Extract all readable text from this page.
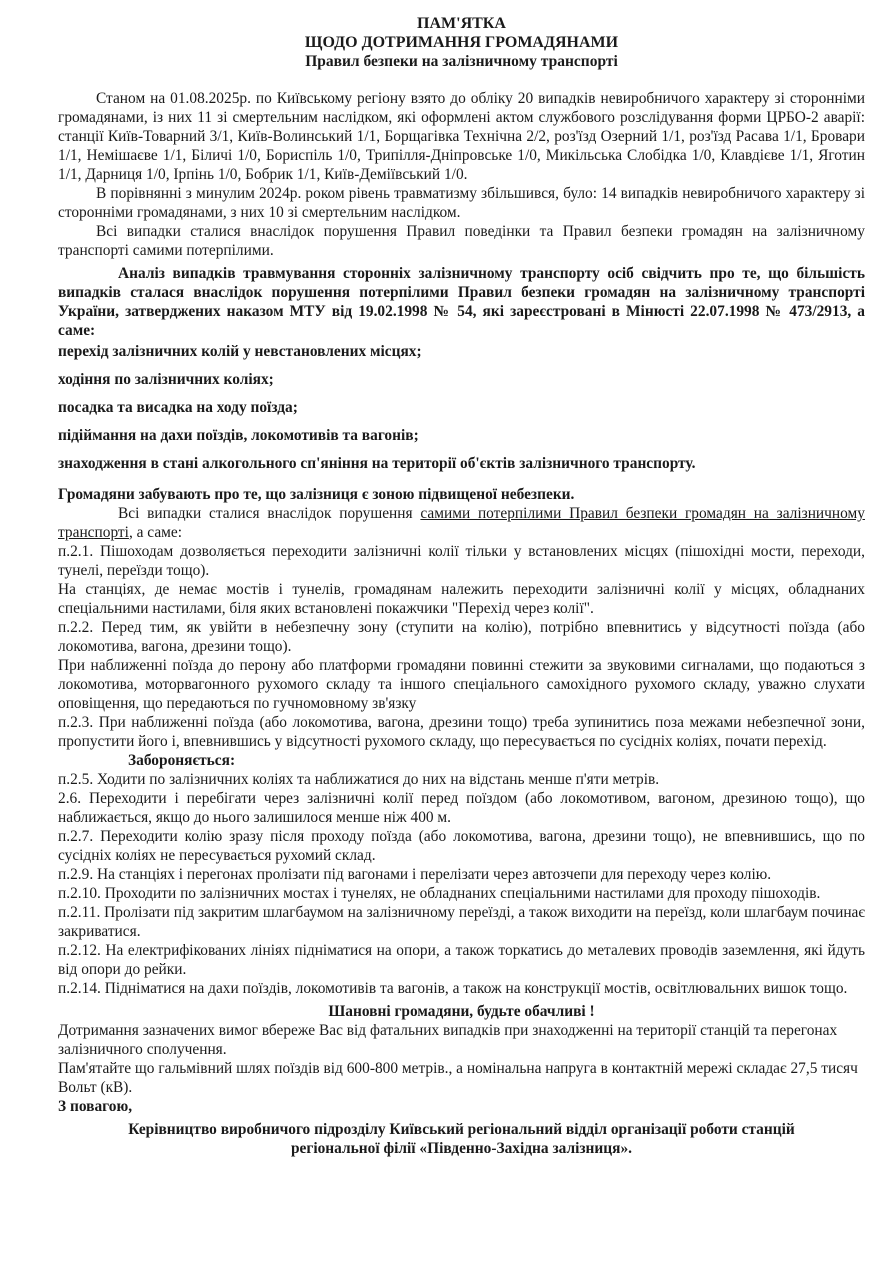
ПАМ'ЯТКА
ЩОДО ДОТРИМАННЯ ГРОМАДЯНАМИ
Правил безпеки на залізничному транспорті

Станом на 01.08.2025р. по Київському регіону взято до обліку 20 випадків невиробничого характеру зі сторонніми громадянами, із них 11 зі смертельним наслідком, які оформлені актом службового розслідування форми ЦРБО-2 аварії: станції Київ-Товарний 3/1, Київ-Волинський 1/1, Борщагівка Технічна 2/2, роз'їзд Озерний 1/1, роз'їзд Расава 1/1, Бровари 1/1, Немішаєве 1/1, Біличі 1/0, Бориспіль 1/0, Трипілля-Дніпровське 1/0, Микільська Слобідка 1/0, Клавдієве 1/1, Яготин 1/1, Дарниця 1/0, Ірпінь 1/0, Бобрик 1/1, Київ-Деміївський 1/0.

В порівнянні з минулим 2024р. роком рівень травматизму збільшився, було: 14 випадків невиробничого характеру зі сторонніми громадянами, з них 10 зі смертельним наслідком.

Всі випадки сталися внаслідок порушення Правил поведінки та Правил безпеки громадян на залізничному транспорті самими потерпілими.

Аналіз випадків травмування сторонніх залізничному транспорту осіб свідчить про те, що більшість випадків сталася внаслідок порушення потерпілими Правил безпеки громадян на залізничному транспорті України, затверджених наказом МТУ від 19.02.1998 № 54, які зареєстровані в Мінюсті 22.07.1998 № 473/2913, а саме:

перехід залізничних колій у невстановлених місцях;

ходіння по залізничних коліях;

посадка та висадка на ходу поїзда;

підіймання на дахи поїздів, локомотивів та вагонів;

знаходження в стані алкогольного сп'яніння на території об'єктів залізничного транспорту.

Громадяни забувають про те, що залізниця є зоною підвищеної небезпеки.

Всі випадки сталися внаслідок порушення самими потерпілими Правил безпеки громадян на залізничному транспорті, а саме:

п.2.1. Пішоходам дозволяється переходити залізничні колії тільки у встановлених місцях (пішохідні мости, переходи, тунелі, переїзди тощо).

На станціях, де немає мостів і тунелів, громадянам належить переходити залізничні колії у місцях, обладнаних спеціальними настилами, біля яких встановлені покажчики "Перехід через колії".

п.2.2. Перед тим, як увійти в небезпечну зону (ступити на колію), потрібно впевнитись у відсутності поїзда (або локомотива, вагона, дрезини тощо).

При наближенні поїзда до перону або платформи громадяни повинні стежити за звуковими сигналами, що подаються з локомотива, моторвагонного рухомого складу та іншого спеціального самохідного рухомого складу, уважно слухати оповіщення, що передаються по гучномовному зв'язку

п.2.3. При наближенні поїзда (або локомотива, вагона, дрезини тощо) треба зупинитись поза межами небезпечної зони, пропустити його і, впевнившись у відсутності рухомого складу, що пересувається по сусідніх коліях, почати перехід.

Забороняється:

п.2.5. Ходити по залізничних коліях та наближатися до них на відстань менше п'яти метрів.

2.6. Переходити і перебігати через залізничні колії перед поїздом (або локомотивом, вагоном, дрезиною тощо), що наближається, якщо до нього залишилося менше ніж 400 м.

п.2.7. Переходити колію зразу після проходу поїзда (або локомотива, вагона, дрезини тощо), не впевнившись, що по сусідніх коліях не пересувається рухомий склад.

п.2.9. На станціях і перегонах пролізати під вагонами і перелізати через автозчепи для переходу через колію.

п.2.10. Проходити по залізничних мостах і тунелях, не обладнаних спеціальними настилами для проходу пішоходів.

п.2.11. Пролізати під закритим шлагбаумом на залізничному переїзді, а також виходити на переїзд, коли шлагбаум починає закриватися.

п.2.12. На електрифікованих лініях підніматися на опори, а також торкатись до металевих проводів заземлення, які йдуть від опори до рейки.

п.2.14. Підніматися на дахи поїздів, локомотивів та вагонів, а також на конструкції мостів, освітлювальних вишок тощо.

Шановні громадяни, будьте обачливі !

Дотримання зазначених вимог вбереже Вас від фатальних випадків при знаходженні на території станцій та перегонах залізничного сполучення.

Пам'ятайте що гальмівний шлях поїздів від 600-800 метрів., а номінальна напруга в контактній мережі складає 27,5 тисяч Вольт (кВ).

З повагою,

Керівництво виробничого підрозділу Київський регіональний відділ організації роботи станцій

регіональної філії «Південно-Західна залізниця».
